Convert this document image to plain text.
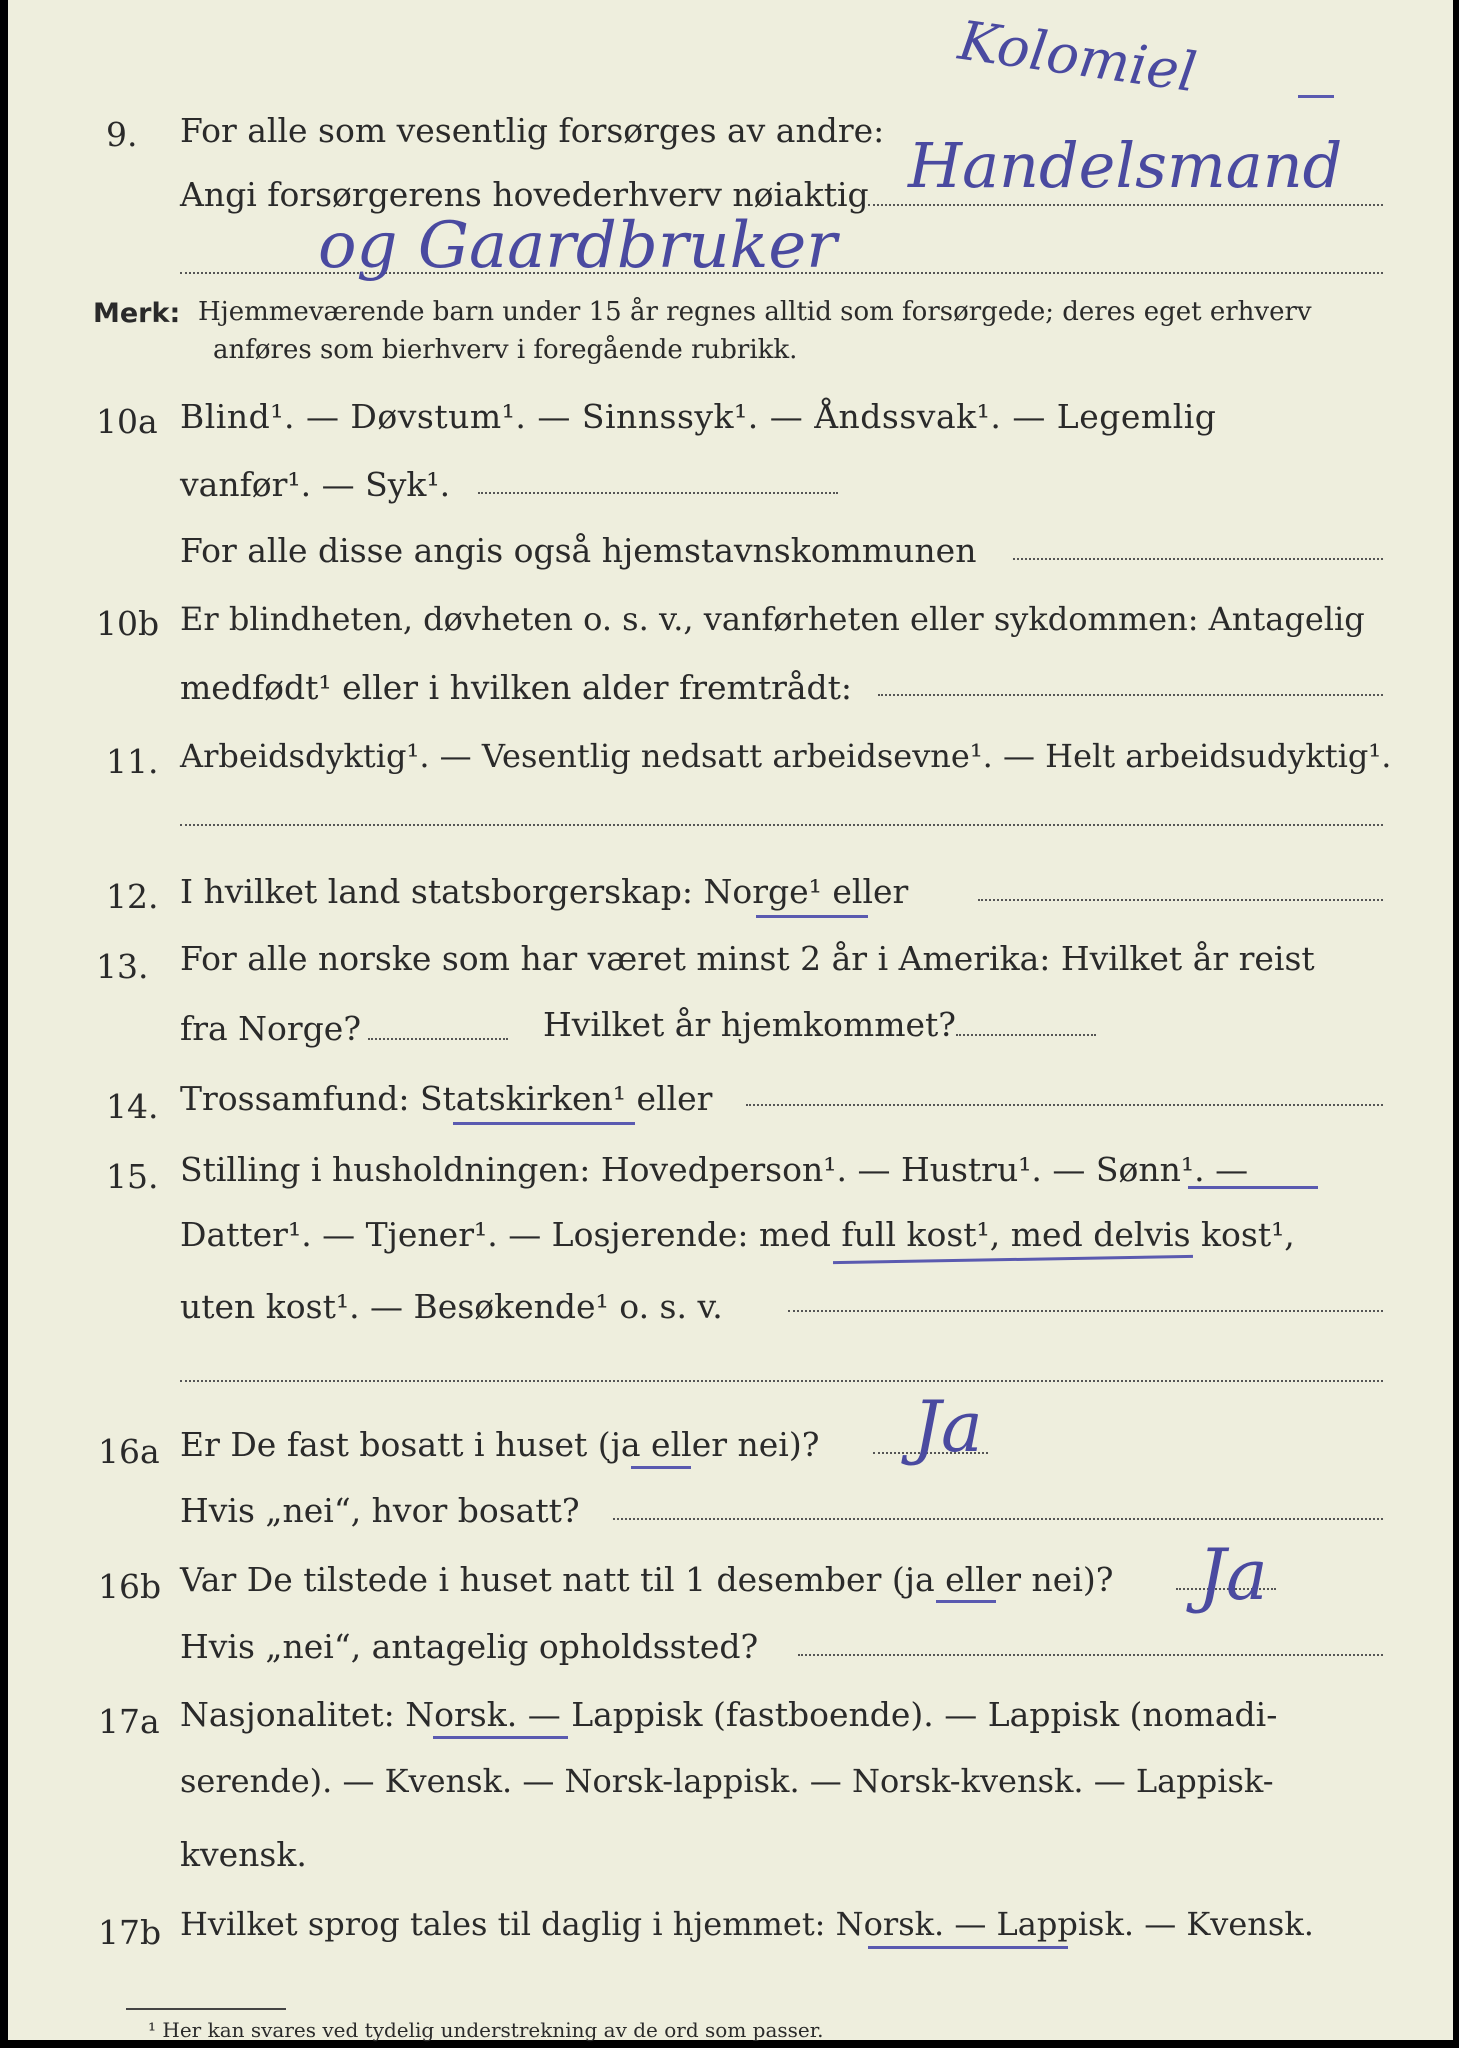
Kolomiel
9. For alle som vesentlig forsørges av andre:
Angi forsørgerens hovederhverv nøiaktig Handelsmand
og Gaardbruker
Merk: Hjemmeværende barn under 15 år regnes alltid som forsørgede; deres eget erhverv
anføres som bierhverv i foregående rubrikk.
10a Blind¹. — Døvstum¹. — Sinnssyk¹. — Åndssvak¹. — Legemlig
vanfør¹. — Syk¹.
For alle disse angis også hjemstavnskommunen
10b Er blindheten, døvheten o. s. v., vanførheten eller sykdommen: Antagelig
medfødt¹ eller i hvilken alder fremtrådt:
11. Arbeidsdyktig¹. — Vesentlig nedsatt arbeidsevne¹. — Helt arbeidsudyktig¹.
12. I hvilket land statsborgerskap: Norge¹ eller
13. For alle norske som har været minst 2 år i Amerika: Hvilket år reist
fra Norge?	Hvilket år hjemkommet?
14. Trossamfund: Statskirken¹ eller
15. Stilling i husholdningen: Hovedperson¹. — Hustru¹. — Sønn¹. —
Datter¹. — Tjener¹. — Losjerende: med full kost¹, med delvis kost¹,
uten kost¹. — Besøkende¹ o. s. v.
16a Er De fast bosatt i huset (ja eller nei)? Ja
Hvis „nei“, hvor bosatt?
16b Var De tilstede i huset natt til 1 desember (ja eller nei)? Ja
Hvis „nei“, antagelig opholdssted?
17a Nasjonalitet: Norsk. — Lappisk (fastboende). — Lappisk (nomadi-
serende). — Kvensk. — Norsk-lappisk. — Norsk-kvensk. — Lappisk-
kvensk.
17b Hvilket sprog tales til daglig i hjemmet: Norsk. — Lappisk. — Kvensk.
¹ Her kan svares ved tydelig understrekning av de ord som passer.
